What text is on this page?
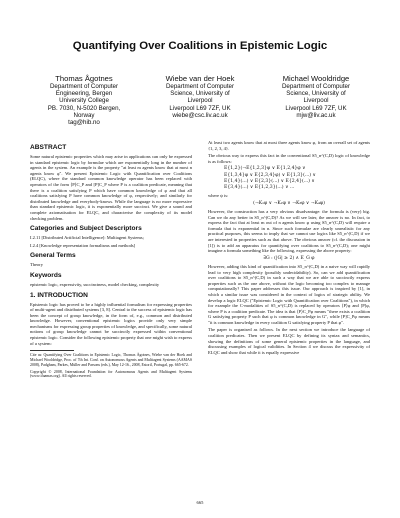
Quantifying Over Coalitions in Epistemic Logic
Thomas Ågotnes
Department of Computer
Engineering, Bergen
University College
PB. 7030, N-5020 Bergen,
Norway
tag@hib.no
Wiebe van der Hoek
Department of Computer
Science, University of
Liverpool
Liverpool L69 7ZF, UK
wiebe@csc.liv.ac.uk
Michael Wooldridge
Department of Computer
Science, University of
Liverpool
Liverpool L69 7ZF, UK
mjw@liv.ac.uk
ABSTRACT

Some natural epistemic properties which may arise in applications can only be expressed in standard epistemic logic by formulae which are exponentially long in the number of agents in the system. An example is the property "at least m agents know that at most n agents know φ". We present Epistemic Logic with Quantification over Coalitions (ELQC), where the standard common knowledge operator has been replaced with operators of the form ⟨P⟩C_P and [P]C_P where P is a coalition predicate, meaning that there is a coalition satisfying P which have common knowledge of φ and that all coalitions satisfying P have common knowledge of φ, respectively; and similarly for distributed knowledge and everybody-knows. While the language is no more expressive than standard epistemic logic, it is exponentially more succinct. We give a sound and complete axiomatisation for ELQC, and characterise the complexity of its model checking problem.

Categories and Subject Descriptors

I.2.11 [Distributed Artificial Intelligence]: Multiagent Systems;

I.2.4 [Knowledge representation formalisms and methods]

General Terms

Theory

Keywords

epistemic logic, expressivity, succinctness, model checking, complexity

1. INTRODUCTION

Epistemic logic has proved to be a highly influential formalism for expressing properties of multi-agent and distributed systems [3, 8]. Central to the success of epistemic logic has been the concept of group knowledge, in the form of, e.g., common and distributed knowledge. However, conventional epistemic logics provide only very simple mechanisms for expressing group properties of knowledge, and specifically, some natural notions of group knowledge cannot be succinctly expressed within conventional epistemic logic. Consider the following epistemic property that one might wish to express of a system:

Cite as: Quantifying Over Coalitions in Epistemic Logic, Thomas Ågotnes, Wiebe van der Hoek and Michael Wooldridge, Proc. of 7th Int. Conf. on Autonomous Agents and Multiagent Systems (AAMAS 2008), Padgham, Parkes, Müller and Parsons (eds.), May 12-16., 2008, Estoril, Portugal, pp. 665-672.

Copyright © 2008, International Foundation for Autonomous Agents and Multiagent Systems (www.ifaamas.org). All rights reserved.

At least two agents know that at most three agents know φ, from an overall set of agents {1, 2, 3, 4}.

The obvious way to express this fact in the conventional S5_n^(C,D) logic of knowledge is as follows:

E{1,2}(¬E{1,2,3}φ ∨ E{1,2,4}φ ∨
E{1,3,4}φ ∨ E{2,3,4}φ) ∨ E{1,3}(...) ∨
E{1,4}(...) ∨ E{2,3}(...) ∨ E{2,4}(...) ∨
E{3,4}(...) ∨ E{1,2,3}(...) ∨ ...

where ψ is:

(¬K₁φ ∨ ¬K₂φ ∨ ¬K₃φ ∨ ¬K₄φ)

However, the construction has a very obvious disadvantage: the formula is (very) big. Can we do any better in S5_n^(C,D)? As we will see later, the answer is no. In fact, to express the fact that at least m out of n agents know φ using S5_n^(C,D) will require a formula that is exponential in n. Since such formulae are clearly unrealistic for any practical purposes, this seems to imply that we cannot use logics like S5_n^(C,D) if we are interested in properties such as that above. The obvious answer (cf. the discussion in [1]) is to add an apparatus for quantifying over coalitions to S5_n^(C,D); one might imagine a formula something like the following, expressing the above property:

∃G : (|G| ≥ 2) ∧ E_G φ

However, adding this kind of quantification into S5_n^(C,D) in a naive way will rapidly lead to very high complexity (possibly undecidability). So, can we add quantification over coalitions to S5_n^(C,D) in such a way that we are able to succinctly express properties such as the one above, without the logic becoming too complex to manage computationally? This paper addresses this issue. Our approach is inspired by [1], in which a similar issue was considered in the context of logics of strategic ability. We develop a logic ELQC ("Epistemic Logic with Quantification over Coalitions"), in which for example the C-modalities of S5_n^(C,D) is replaced by operators ⟨P⟩φ and [P]φ, where P is a coalition predicate. The idea is that ⟨P⟩C_Pφ means "there exists a coalition G satisfying property P such that φ is common knowledge in G", while [P]C_Pφ means "it is common knowledge in every coalition G satisfying property P that φ".

The paper is organised as follows. In the next section we introduce the language of coalition predicates. Then we present ELQC by defining its syntax and semantics, showing the definitions of some general epistemic properties in the language, and discussing examples of logical validities. In Section 4 we discuss the expressivity of ELQC and show that while it is equally expressive

665
